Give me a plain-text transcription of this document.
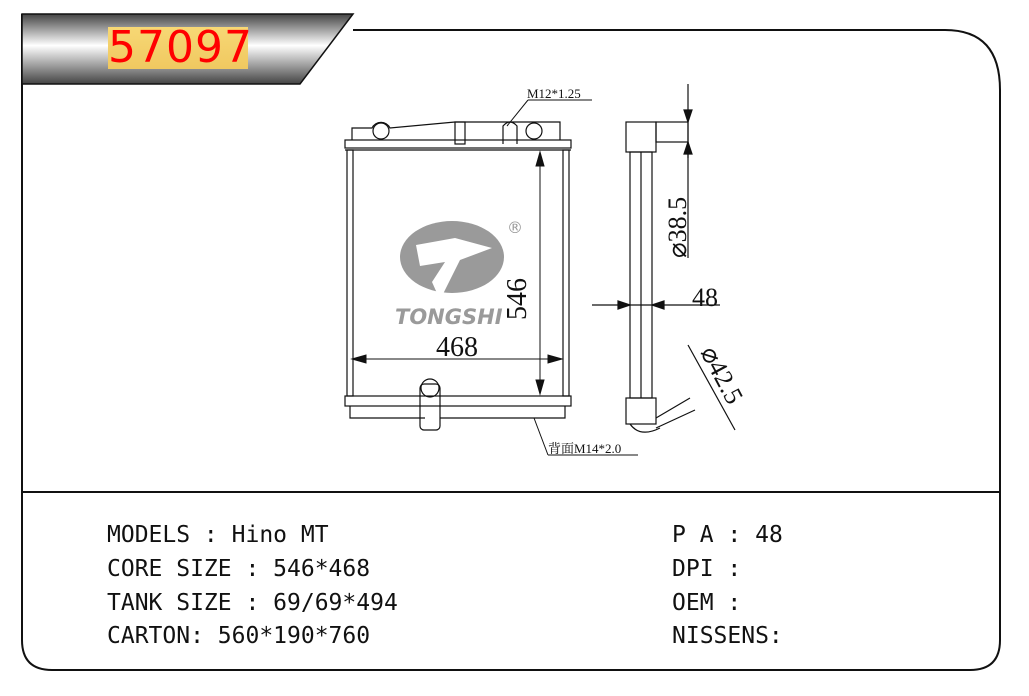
®
TONGSHI 546
468
M12*1.25
背面M14*2.0
⌀38.5
48
⌀42.5
57097
MODELS : Hino MT
CORE SIZE : 546*468
TANK SIZE : 69/69*494
CARTON: 560*190*760
P A : 48
DPI :
OEM :
NISSENS:
